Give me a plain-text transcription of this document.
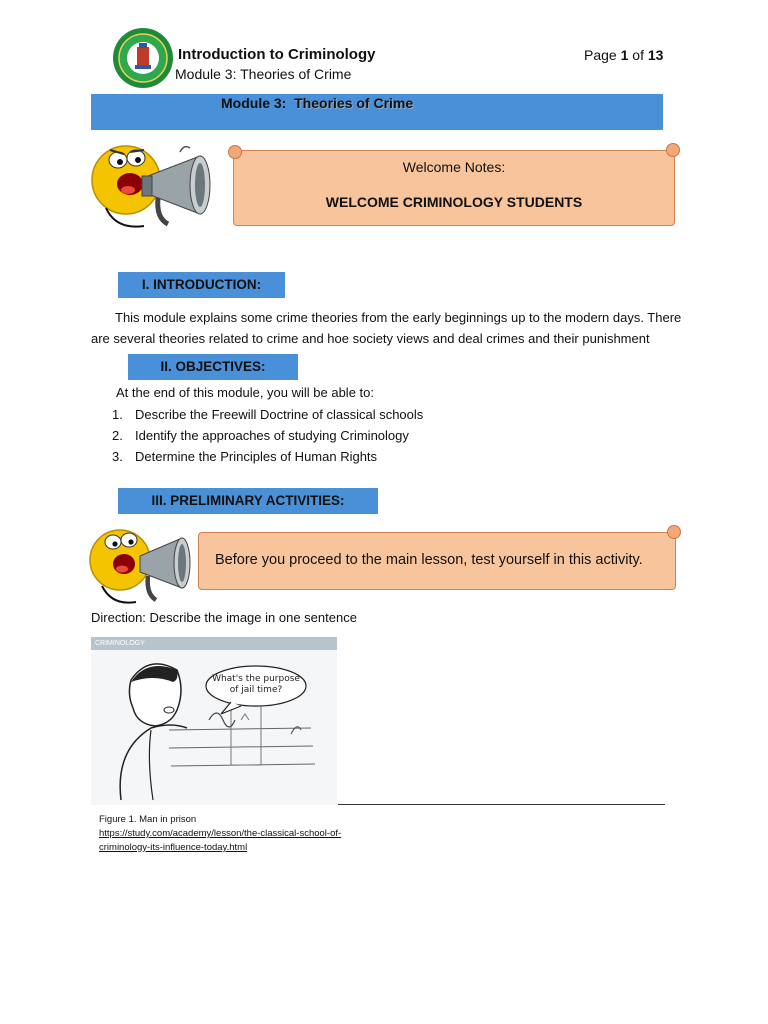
Introduction to Criminology
Module 3: Theories of Crime
Page 1 of 13
Module 3: Theories of Crime
Welcome Notes:
WELCOME CRIMINOLOGY STUDENTS
I. INTRODUCTION:
This module explains some crime theories from the early beginnings up to the modern days. There are several theories related to crime and hoe society views and deal crimes and their punishment
II. OBJECTIVES:
At the end of this module, you will be able to:
1. Describe the Freewill Doctrine of classical schools
2. Identify the approaches of studying Criminology
3. Determine the Principles of Human Rights
III. PRELIMINARY ACTIVITIES:
Before you proceed to the main lesson, test yourself in this activity.
Direction: Describe the image in one sentence
CRIMINOLOGY
What's the purpose of jail time?
Figure 1. Man in prison
https://study.com/academy/lesson/the-classical-school-of-
criminology-its-influence-today.html
